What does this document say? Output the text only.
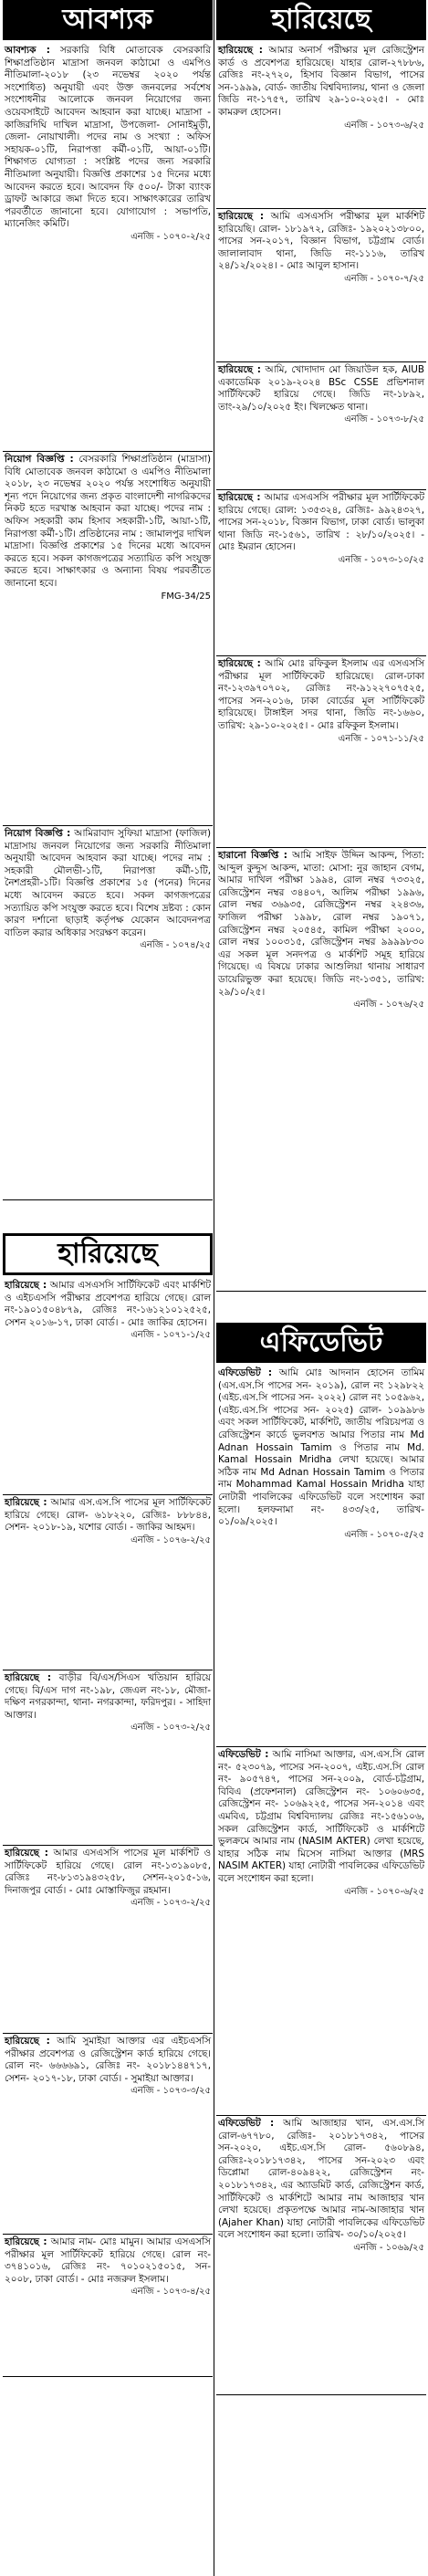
আবশ্যক
আবশ্যক : সরকারি বিধি মোতাবেক বেসরকারি শিক্ষাপ্রতিষ্ঠান মাদ্রাসা জনবল কাঠামো ও এমপিও নীতিমালা-২০১৮ (২৩ নভেম্বর ২০২০ পর্যন্ত সংশোধিত) অনুযায়ী এবং উক্ত জনবলের সর্বশেষ সংশোধনীর আলোকে জনবল নিয়োগের জন্য ওয়েবসাইটে আবেদন আহবান করা যাচ্ছে। মাদ্রাসা - কাজিরদিঘি দাখিল মাদ্রাসা, উপজেলা- সোনাইমুড়ী, জেলা- নোয়াখালী। পদের নাম ও সংখ্যা : অফিস সহায়ক-০১টি, নিরাপত্তা কর্মী-০১টি, আয়া-০১টি। শিক্ষাগত যোগ্যতা : সংশ্লিষ্ট পদের জন্য সরকারি নীতিমালা অনুযায়ী। বিজ্ঞপ্তি প্রকাশের ১৫ দিনের মধ্যে আবেদন করতে হবে। আবেদন ফি ৫০০/- টাকা ব্যাংক ড্রাফট আকারে জমা দিতে হবে। সাক্ষাৎকারের তারিখ পরবর্তীতে জানানো হবে। যোগাযোগ : সভাপতি, ম্যানেজিং কমিটি।
এনজি - ১০৭০-২/২৫
নিয়োগ বিজ্ঞপ্তি : বেসরকারি শিক্ষাপ্রতিষ্ঠান (মাদ্রাসা) বিধি মোতাবেক জনবল কাঠামো ও এমপিও নীতিমালা ২০১৮, ২৩ নভেম্বর ২০২০ পর্যন্ত সংশোধিত অনুযায়ী শূন্য পদে নিয়োগের জন্য প্রকৃত বাংলাদেশী নাগরিকদের নিকট হতে দরখাস্ত আহবান করা যাচ্ছে। পদের নাম : অফিস সহকারী কাম হিসাব সহকারী-১টি, আয়া-১টি, নিরাপত্তা কর্মী-১টি। প্রতিষ্ঠানের নাম : জামালপুর দাখিল মাদ্রাসা। বিজ্ঞপ্তি প্রকাশের ১৫ দিনের মধ্যে আবেদন করতে হবে। সকল কাগজপত্রের সত্যায়িত কপি সংযুক্ত করতে হবে। সাক্ষাৎকার ও অন্যান্য বিষয় পরবর্তীতে জানানো হবে।
FMG-34/25
নিয়োগ বিজ্ঞপ্তি : আমিরাবাদ সুফিয়া মাদ্রাসা (ফাজিল) মাদ্রাসায় জনবল নিয়োগের জন্য সরকারি নীতিমালা অনুযায়ী আবেদন আহবান করা যাচ্ছে। পদের নাম : সহকারী মৌলভী-১টি, নিরাপত্তা কর্মী-১টি, নৈশপ্রহরী-১টি। বিজ্ঞপ্তি প্রকাশের ১৫ (পনের) দিনের মধ্যে আবেদন করতে হবে। সকল কাগজপত্রের সত্যায়িত কপি সংযুক্ত করতে হবে। বিশেষ দ্রষ্টব্য : কোন কারণ দর্শানো ছাড়াই কর্তৃপক্ষ যেকোন আবেদনপত্র বাতিল করার অধিকার সংরক্ষণ করেন।
এনজি - ১০৭৪/২৫
হারিয়েছে
হারিয়েছে : আমার এসএসসি সার্টিফিকেট এবং মার্কশিট ও এইচএসসি পরীক্ষার প্রবেশপত্র হারিয়ে গেছে। রোল নং-১৯০১৫০৪৮৭৯, রেজিঃ নং-১৬১২১০১২৫২৫, সেশন ২০১৬-১৭, ঢাকা বোর্ড। - মোঃ জাকির হোসেন।
এনজি - ১০৭১-১/২৫
হারিয়েছে : আমার এস.এস.সি পাসের মূল সার্টিফিকেট হারিয়ে গেছে। রোল- ৬১৮২২০, রেজিঃ- ৮৮৮৪৪, সেশন- ২০১৮-১৯, যশোর বোর্ড। - জাকির আহমদ।
এনজি - ১০৭৬-২/২৫
হারিয়েছে : বাড়ীর বি/এস/সিএস খতিয়ান হারিয়ে গেছে। বি/এস দাগ নং-১৯৮, জেএল নং-১৮, মৌজা- দক্ষিণ নগরকান্দা, থানা- নগরকান্দা, ফরিদপুর। - সাহিদা আক্তার।
এনজি - ১০৭৩-২/২৫
হারিয়েছে : আমার এসএসসি পাসের মূল মার্কশিট ও সার্টিফিকেট হারিয়ে গেছে। রোল নং-১৩১৯০৮৫, রেজিঃ নং-৮১৩১৯৪৩২৫৮, সেশন-২০১৫-১৬, দিনাজপুর বোর্ড। - মোঃ মোস্তাফিজুর রহমান।
এনজি - ১০৭৩-২/২৫
হারিয়েছে : আমি সুমাইয়া আক্তার এর এইচএসসি পরীক্ষার প্রবেশপত্র ও রেজিস্ট্রেশন কার্ড হারিয়ে গেছে। রোল নং- ৬৬৬৬৯১, রেজিঃ নং- ২০১৮১৪৪৭১৭, সেশন- ২০১৭-১৮, ঢাকা বোর্ড। - সুমাইয়া আক্তার।
এনজি - ১০৭৩-৩/২৫
হারিয়েছে : আমার নাম- মোঃ মামুন। আমার এসএসসি পরীক্ষার মূল সার্টিফিকেট হারিয়ে গেছে। রোল নং- ৩৭৪১০১৬, রেজিঃ নং- ৭০১০২১৫০১৫, সন- ২০০৮, ঢাকা বোর্ড। - মোঃ নজরুল ইসলাম।
এনজি - ১০৭৩-৪/২৫
হারিয়েছে
হারিয়েছে : আমার অনার্স পরীক্ষার মূল রেজিস্ট্রেশন কার্ড ও প্রবেশপত্র হারিয়েছে। যাহার রোল-২৭৮৮৬, রেজিঃ নং-২৭২০, হিসাব বিজ্ঞান বিভাগ, পাসের সন-১৯৯৯, বোর্ড- জাতীয় বিশ্ববিদ্যালয়, থানা ও জেলা জিডি নং-১৭৫৭, তারিখ ২৯-১০-২০২৫। - মোঃ কামরুল হোসেন।
এনজি - ১০৭৩-৬/২৫
হারিয়েছে : আমি এসএসসি পরীক্ষার মূল মার্কশিট হারিয়েছি। রোল- ১৮১৯৭২, রেজিঃ- ১৯২০২১৩৮০০, পাসের সন-২০১৭, বিজ্ঞান বিভাগ, চট্টগ্রাম বোর্ড। জালালাবাদ থানা, জিডি নং-১১১৬, তারিখ ২৪/১২/২০২৪। - মোঃ আবুল হাসান।
এনজি - ১০৭০-৭/২৫
হারিয়েছে : আমি, খোদাদাদ মো জিয়াউল হক, AIUB একাডেমিক ২০১৯-২০২৪ BSc CSSE প্রভিশনাল সার্টিফিকেট হারিয়ে গেছে। জিডি নং-১৮৯২, তাং-২৯/১০/২০২৫ ইং। খিলক্ষেত থানা।
এনজি - ১০৭৩-৮/২৫
হারিয়েছে : আমার এসএসসি পরীক্ষার মূল সার্টিফিকেট হারিয়ে গেছে। রোল: ১৩৫৩২৪, রেজিঃ- ৯৯২৪৩২৭, পাসের সন-২০১৮, বিজ্ঞান বিভাগ, ঢাকা বোর্ড। ভালুকা থানা জিডি নং-১৫৬১, তারিখ : ২৮/১০/২০২৫। - মোঃ ইমরান হোসেন।
এনজি - ১০৭৩-১০/২৫
হারিয়েছে : আমি মোঃ রফিকুল ইসলাম এর এসএসসি পরীক্ষার মূল সার্টিফিকেট হারিয়েছে। রোল-ঢাকা নং-১২৩৯৭০৭০২, রেজিঃ নং-৯১২২৭০৭৫২৫, পাসের সন-২০১৬, ঢাকা বোর্ডের মূল সার্টিফিকেট হারিয়েছে। টাঙ্গাইল সদর থানা, জিডি নং-১৬৬০, তারিখ: ২৯-১০-২০২৫। - মোঃ রফিকুল ইসলাম।
এনজি - ১০৭১-১১/২৫
হারানো বিজ্ঞপ্তি : আমি সাইফ উদ্দিন আকন্দ, পিতা: আব্দুল কুদ্দুস আকন্দ, মাতা: মোসা: নুর জাহান বেগম, আমার দাখিল পরীক্ষা ১৯৯৪, রোল নম্বর ৭৩৩২৫, রেজিস্ট্রেশন নম্বর ৩৪৪০৭, আলিম পরীক্ষা ১৯৯৬, রোল নম্বর ৩৬৯৩৫, রেজিস্ট্রেশন নম্বর ২২৪৩৬, ফাজিল পরীক্ষা ১৯৯৮, রোল নম্বর ১৯০৭১, রেজিস্ট্রেশন নম্বর ২০৫৪৫, কামিল পরীক্ষা ২০০০, রোল নম্বর ১০০৩১৫, রেজিস্ট্রেশন নম্বর ৯৯৯৯৮৩০ এর সকল মূল সনদপত্র ও মার্কশিট সমূহ হারিয়ে গিয়েছে। এ বিষয়ে ঢাকার আশুলিয়া থানায় সাধারণ ডায়েরিভুক্ত করা হয়েছে। জিডি নং-১৩৫১, তারিখ: ২৯/১০/২৫।
এনজি - ১০৭৬/২৫
এফিডেভিট
এফিডেভিট : আমি মোঃ আদনান হোসেন তামিম (এস.এস.সি পাসের সন- ২০১৯), রোল নং ১২৯৮২২ (এইচ.এস.সি পাসের সন- ২০২২) রোল নং ১০৫৯৬২, (এইচ.এস.সি পাসের সন- ২০২৫) রোল- ১০৯৯৮৬ এবং সকল সার্টিফিকেট, মার্কশিট, জাতীয় পরিচয়পত্র ও রেজিস্ট্রেশন কার্ডে ভুলবশত আমার পিতার নাম Md Adnan Hossain Tamim ও পিতার নাম Md. Kamal Hossain Mridha লেখা হয়েছে। আমার সঠিক নাম Md Adnan Hossain Tamim ও পিতার নাম Mohammad Kamal Hossain Mridha যাহা নোটারী পাবলিকের এফিডেভিট বলে সংশোধন করা হলো। হলফনামা নং- ৪৩৩/২৫, তারিখ- ০১/০৯/২০২৫।
এনজি - ১০৭০-৫/২৫
এফিডেভিট : আমি নাসিমা আক্তার, এস.এস.সি রোল নং- ৫২৩০৭৯, পাসের সন-২০০৭, এইচ.এস.সি রোল নং- ৯০৫৭৪৭, পাসের সন-২০০৯, বোর্ড-চট্টগ্রাম, বিবিএ (প্রফেশনাল) রেজিস্ট্রেশন নং- ১০৬০৬৩৫, রেজিস্ট্রেশন নং- ১০৬৯২২৫, পাসের সন-২০১৪ এবং এমবিএ, চট্টগ্রাম বিশ্ববিদ্যালয় রেজিঃ নং-১৫৬১০৬, সকল রেজিস্ট্রেশন কার্ড, সার্টিফিকেট ও মার্কশিটে ভুলক্রমে আমার নাম (NASIM AKTER) লেখা হয়েছে, যাহার সঠিক নাম মিসেস নাসিমা আক্তার (MRS NASIM AKTER) যাহা নোটারী পাবলিকের এফিডেভিট বলে সংশোধন করা হলো।
এনজি - ১০৭০-৬/২৫
এফিডেভিট : আমি আজাহার খান, এস.এস.সি রোল-৬৭৭৮০, রেজিঃ- ২০১৮১৭৩৪২, পাসের সন-২০২০, এইচ.এস.সি রোল- ৫৬০৮৯৪, রেজিঃ-২০১৮১৭৩৪২, পাসের সন-২০২৩ এবং ডিপ্লোমা রোল-৪০৯৪২২, রেজিস্ট্রেশন নং- ২০১৮১৭৩৪২, এর অ্যাডমিট কার্ড, রেজিস্ট্রেশন কার্ড, সার্টিফিকেট ও মার্কশিটে আমার নাম আজাহার খান লেখা হয়েছে। প্রকৃতপক্ষে আমার নাম-আজাহার খান (Ajaher Khan) যাহা নোটারী পাবলিকের এফিডেভিট বলে সংশোধন করা হলো। তারিখ- ৩০/১০/২০২৫।
এনজি - ১০৬৯/২৫
